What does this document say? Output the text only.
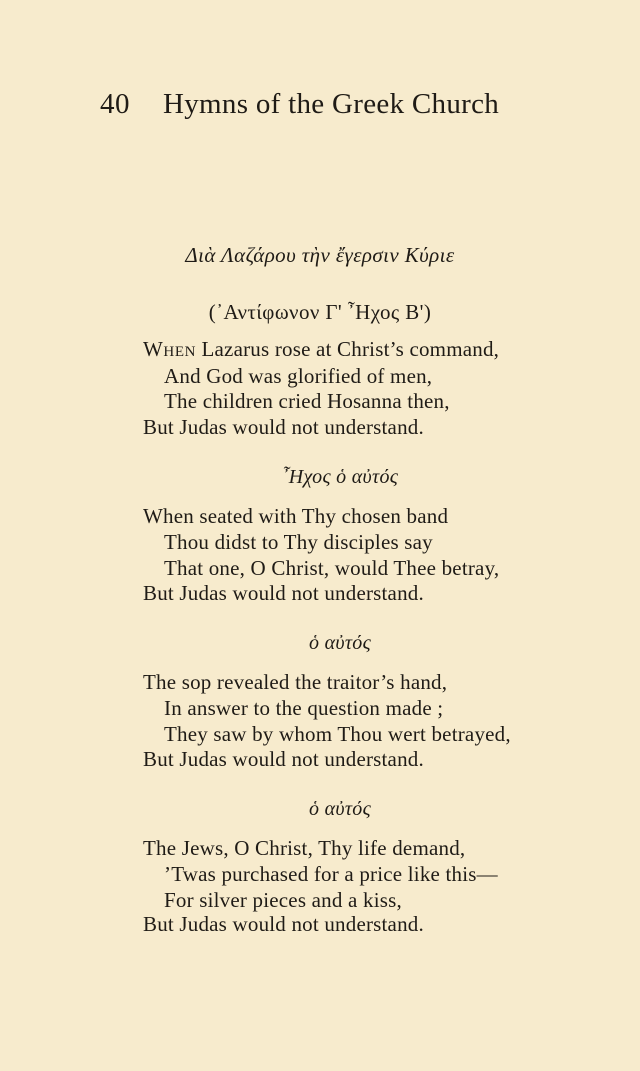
40 Hymns of the Greek Church
Διὰ Λαζάρου τὴν ἔγερσιν Κύριε
(᾿Αντίφωνον Γ' ῏Ηχος Β')
When Lazarus rose at Christ’s command,
And God was glorified of men,
The children cried Hosanna then,
But Judas would not understand.
῏Ηχος ὁ αὐτός
When seated with Thy chosen band
Thou didst to Thy disciples say
That one, O Christ, would Thee betray,
But Judas would not understand.
ὁ αὐτός
The sop revealed the traitor’s hand,
In answer to the question made ;
They saw by whom Thou wert betrayed,
But Judas would not understand.
ὁ αὐτός
The Jews, O Christ, Thy life demand,
’Twas purchased for a price like this—
For silver pieces and a kiss,
But Judas would not understand.
